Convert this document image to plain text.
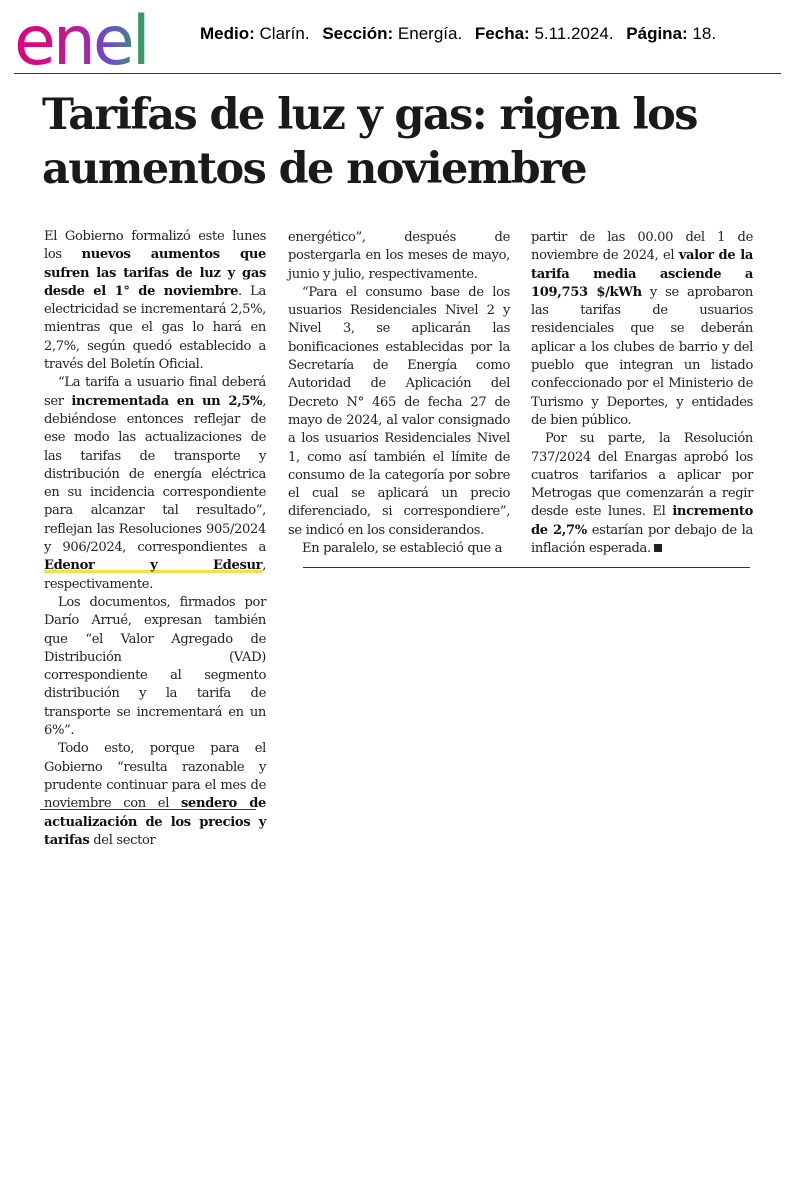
enel	Medio: Clarín. Sección: Energía. Fecha: 5.11.2024. Página: 18.
Tarifas de luz y gas: rigen los aumentos de noviembre

El Gobierno formalizó este lunes los nuevos aumentos que sufren las tarifas de luz y gas desde el 1° de noviembre. La electricidad se incrementará 2,5%, mientras que el gas lo hará en 2,7%, según quedó establecido a través del Boletín Oficial.

“La tarifa a usuario final deberá ser incrementada en un 2,5%, debiéndose entonces reflejar de ese modo las actualizaciones de las tarifas de transporte y distribución de energía eléctrica en su incidencia correspondiente para alcanzar tal resultado”, reflejan las Resoluciones 905/2024 y 906/2024, correspondientes a Edenor y Edesur, respectivamente.

Los documentos, firmados por Darío Arrué, expresan también que “el Valor Agregado de Distribución (VAD) correspondiente al segmento distribución y la tarifa de transporte se incrementará en un 6%”.

Todo esto, porque para el Gobierno “resulta razonable y prudente continuar para el mes de noviembre con el sendero de actualización de los precios y tarifas del sector

energético”, después de postergarla en los meses de mayo, junio y julio, respectivamente.

“Para el consumo base de los usuarios Residenciales Nivel 2 y Nivel 3, se aplicarán las bonificaciones establecidas por la Secretaría de Energía como Autoridad de Aplicación del Decreto N° 465 de fecha 27 de mayo de 2024, al valor consignado a los usuarios Residenciales Nivel 1, como así también el límite de consumo de la categoría por sobre el cual se aplicará un precio diferenciado, si correspondiere”, se indicó en los considerandos.

En paralelo, se estableció que a

partir de las 00.00 del 1 de noviembre de 2024, el valor de la tarifa media asciende a 109,753 $/kWh y se aprobaron las tarifas de usuarios residenciales que se deberán aplicar a los clubes de barrio y del pueblo que integran un listado confeccionado por el Ministerio de Turismo y Deportes, y entidades de bien público.

Por su parte, la Resolución 737/2024 del Enargas aprobó los cuatros tarifarios a aplicar por Metrogas que comenzarán a regir desde este lunes. El incremento de 2,7% estarían por debajo de la inflación esperada.
